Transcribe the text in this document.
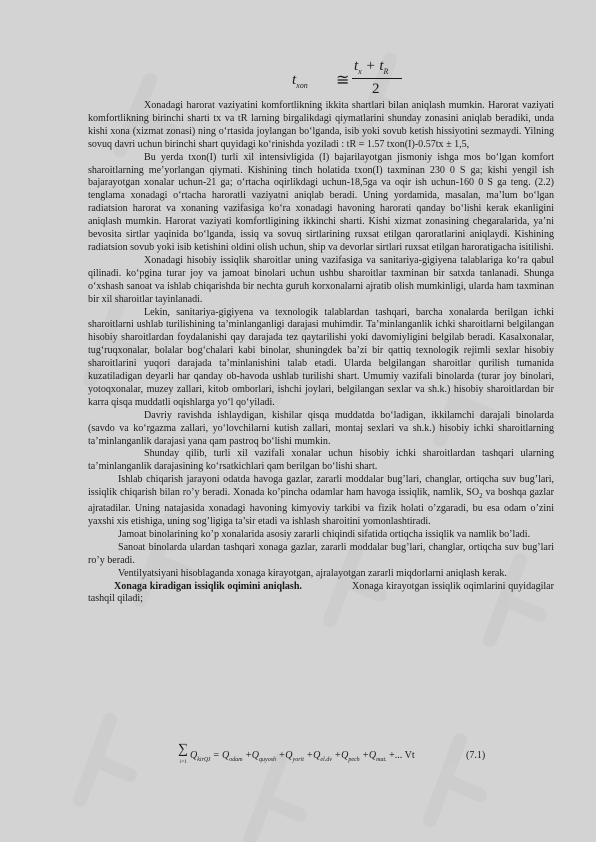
$t_{xon}$ ≅
$t_x + t_R$
2

Xonadagi harorat vaziyatini komfortlikning ikkita shartlari bilan aniqlash mumkin. Harorat vaziyati komfortlikning birinchi sharti tx va tR larning birgalikdagi qiymatlarini shunday zonasini aniqlab beradiki, unda kishi xona (xizmat zonasi) ning oʻrtasida joylangan boʻlganda, isib yoki sovub ketish hissiyotini sezmaydi. Yilning sovuq davri uchun birinchi shart quyidagi koʻrinishda yoziladi : tR = 1.57 txon(I)-0.57tx ± 1,5,

Bu yerda txon(I) turli xil intensivligida (I) bajarilayotgan jismoniy ishga mos boʻlgan komfort sharoitlarning meʼyorlangan qiymati. Kishining tinch holatida txon(I) taxminan 230 0 S ga; kishi yengil ish bajarayotgan xonalar uchun-21 ga; oʻrtacha oqirlikdagi uchun-18,5ga va oqir ish uchun-160 0 S ga teng. (2.2) tenglama xonadagi oʻrtacha haroratli vaziyatni aniqlab beradi. Uning yordamida, masalan, maʼlum boʻlgan radiatsion harorat va xonaning vazifasiga koʻra xonadagi havoning harorati qanday boʻlishi kerak ekanligini aniqlash mumkin. Harorat vaziyati komfortligining ikkinchi sharti. Kishi xizmat zonasining chegaralarida, yaʼni bevosita sirtlar yaqinida boʻlganda, issiq va sovuq sirtlarining ruxsat etilgan qaroratlarini aniqlaydi. Kishining radiatsion sovub yoki isib ketishini oldini olish uchun, ship va devorlar sirtlari ruxsat etilgan haroratigacha isitilishi.

Xonadagi hisobiy issiqlik sharoitlar uning vazifasiga va sanitariya-gigiyena talablariga koʻra qabul qilinadi. koʻpgina turar joy va jamoat binolari uchun ushbu sharoitlar taxminan bir satxda tanlanadi. Shunga oʻxshash sanoat va ishlab chiqarishda bir nechta guruh korxonalarni ajratib olish mumkinligi, ularda ham taxminan bir xil sharoitlar tayinlanadi.

Lekin, sanitariya-gigiyena va texnologik talablardan tashqari, barcha xonalarda berilgan ichki sharoitlarni ushlab turilishining taʼminlanganligi darajasi muhimdir. Taʼminlanganlik ichki sharoitlarni belgilangan hisobiy sharoitlardan foydalanishi qay darajada tez qaytarilishi yoki davomiyligini belgilab beradi. Kasalxonalar, tugʻruqxonalar, bolalar bogʻchalari kabi binolar, shuningdek baʼzi bir qattiq texnologik rejimli sexlar hisobiy sharoitlarini yuqori darajada taʼminlanishini talab etadi. Ularda belgilangan sharoitlar qurilish tumanida kuzatiladigan deyarli har qanday ob-havoda ushlab turilishi shart. Umumiy vazifali binolarda (turar joy binolari, yotoqxonalar, muzey zallari, kitob omborlari, ishchi joylari, belgilangan sexlar va sh.k.) hisobiy sharoitlardan bir karra qisqa muddatli oqishlarga yoʻl qoʻyiladi.

Davriy ravishda ishlaydigan, kishilar qisqa muddatda boʻladigan, ikkilamchi darajali binolarda (savdo va koʻrgazma zallari, yoʻlovchilarni kutish zallari, montaj sexlari va sh.k.) hisobiy ichki sharoitlarning taʼminlanganlik darajasi yana qam pastroq boʻlishi mumkin.

Shunday qilib, turli xil vazifali xonalar uchun hisobiy ichki sharoitlardan tashqari ularning taʼminlanganlik darajasining koʻrsatkichlari qam berilgan boʻlishi shart.

Ishlab chiqarish jarayoni odatda havoga gazlar, zararli moddalar bug’lari, changlar, ortiqcha suv bug’lari, issiqlik chiqarish bilan ro’y beradi. Xonada ko’pincha odamlar ham havoga issiqlik, namlik, $SO_2$ va boshqa gazlar ajratadilar. Uning natajasida xonadagi havoning kimyoviy tarkibi va fizik holati o’zgaradi, bu esa odam o’zini yaxshi xis etishiga, uning sog’ligiga ta’sir etadi va ishlash sharoitini yomonlashtiradi.

Jamoat binolarining ko’p xonalarida asosiy zararli chiqindi sifatida ortiqcha issiqlik va namlik bo’ladi.

Sanoat binolarda ulardan tashqari xonaga gazlar, zararli moddalar bug’lari, changlar, ortiqcha suv bug’lari ro’y beradi.

Ventilyatsiyani hisoblaganda xonaga kirayotgan, ajralayotgan zararli miqdorlarni aniqlash kerak.

Xonaga kiradigan issiqlik oqimini aniqlash.	Xonaga kirayotgan issiqlik oqimlarini quyidagilar tashqil qiladi;

∑
i=1
$Q_{kirQI} = Q_{odam} +Q_{quyosh} +Q_{yorit} +Q_{el.dv} +Q_{pech} +Q_{mat.}$ +... Vt	(7.1)
